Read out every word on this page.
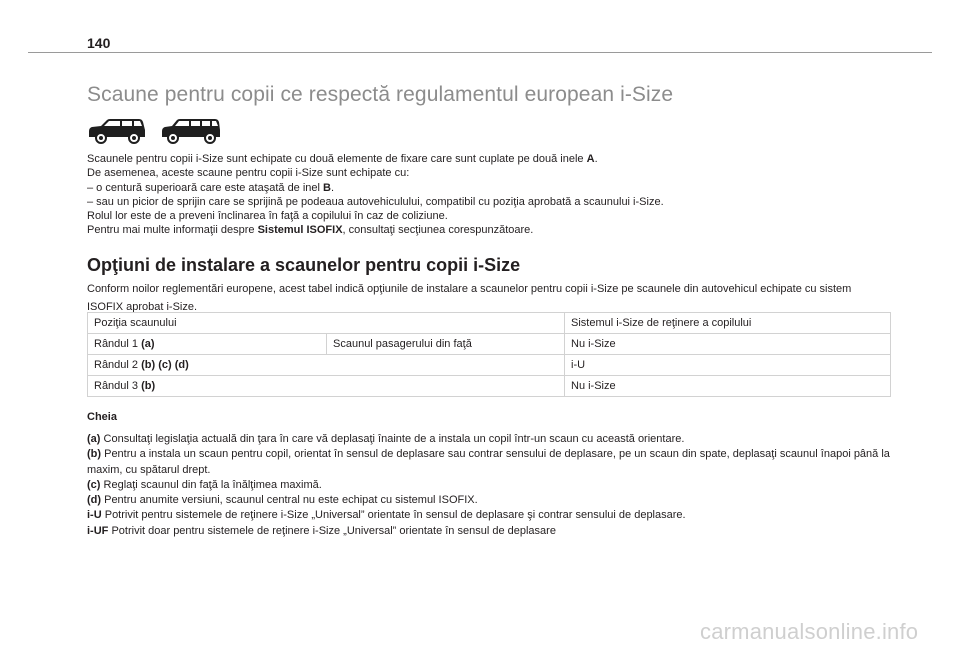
140
Scaune pentru copii ce respectă regulamentul european i-Size

Scaunele pentru copii i-Size sunt echipate cu două elemente de fixare care sunt cuplate pe două inele A.

De asemenea, aceste scaune pentru copii i-Size sunt echipate cu:

– o centură superioară care este ataşată de inel B.

– sau un picior de sprijin care se sprijină pe podeaua autovehiculului, compatibil cu poziţia aprobată a scaunului i-Size.

Rolul lor este de a preveni înclinarea în faţă a copilului în caz de coliziune.

Pentru mai multe informaţii despre Sistemul ISOFIX, consultaţi secţiunea corespunzătoare.

Opţiuni de instalare a scaunelor pentru copii i-Size

Conform noilor reglementări europene, acest tabel indică opţiunile de instalare a scaunelor pentru copii i-Size pe scaunele din autovehicul echipate cu sistem ISOFIX aprobat i-Size.

Poziţia scaunului		Sistemul i-Size de reţinere a copilului
Rândul 1 (a)	Scaunul pasagerului din faţă	Nu i-Size
Rândul 2 (b) (c) (d)		i-U
Rândul 3 (b)		Nu i-Size

Cheia

(a) Consultaţi legislaţia actuală din ţara în care vă deplasaţi înainte de a instala un copil într-un scaun cu această orientare.

(b) Pentru a instala un scaun pentru copil, orientat în sensul de deplasare sau contrar sensului de deplasare, pe un scaun din spate, deplasaţi scaunul înapoi până la maxim, cu spătarul drept.

(c) Reglaţi scaunul din faţă la înălţimea maximă.

(d) Pentru anumite versiuni, scaunul central nu este echipat cu sistemul ISOFIX.

i-U Potrivit pentru sistemele de reţinere i-Size „Universal” orientate în sensul de deplasare şi contrar sensului de deplasare.

i-UF Potrivit doar pentru sistemele de reţinere i-Size „Universal” orientate în sensul de deplasare

carmanualsonline.info
